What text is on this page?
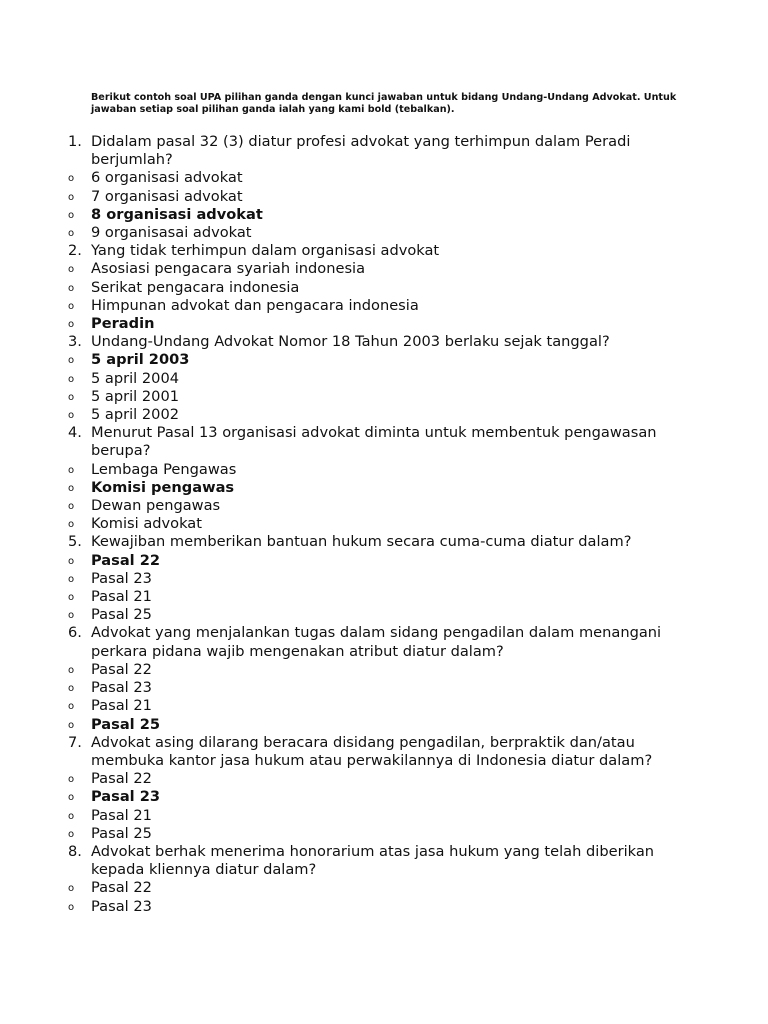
Berikut contoh soal UPA pilihan ganda dengan kunci jawaban untuk bidang Undang-Undang Advokat. Untuk jawaban setiap soal pilihan ganda ialah yang kami bold (tebalkan).
1. Didalam pasal 32 (3) diatur profesi advokat yang terhimpun dalam Peradi berjumlah?
o	6 organisasi advokat
o	7 organisasi advokat
o	8 organisasi advokat
o	9 organisasai advokat
2. Yang tidak terhimpun dalam organisasi advokat
o	Asosiasi pengacara syariah indonesia
o	Serikat pengacara indonesia
o	Himpunan advokat dan pengacara indonesia
o	Peradin
3. Undang-Undang Advokat Nomor 18 Tahun 2003 berlaku sejak tanggal?
o	5 april 2003
o	5 april 2004
o	5 april 2001
o	5 april 2002
4. Menurut Pasal 13 organisasi advokat diminta untuk membentuk pengawasan berupa?
o	Lembaga Pengawas
o	Komisi pengawas
o	Dewan pengawas
o	Komisi advokat
5. Kewajiban memberikan bantuan hukum secara cuma-cuma diatur dalam?
o	Pasal 22
o	Pasal 23
o	Pasal 21
o	Pasal 25
6. Advokat yang menjalankan tugas dalam sidang pengadilan dalam menangani perkara pidana wajib mengenakan atribut diatur dalam?
o	Pasal 22
o	Pasal 23
o	Pasal 21
o	Pasal 25
7. Advokat asing dilarang beracara disidang pengadilan, berpraktik dan/atau membuka kantor jasa hukum atau perwakilannya di Indonesia diatur dalam?
o	Pasal 22
o	Pasal 23
o	Pasal 21
o	Pasal 25
8. Advokat berhak menerima honorarium atas jasa hukum yang telah diberikan kepada kliennya diatur dalam?
o	Pasal 22
o	Pasal 23
